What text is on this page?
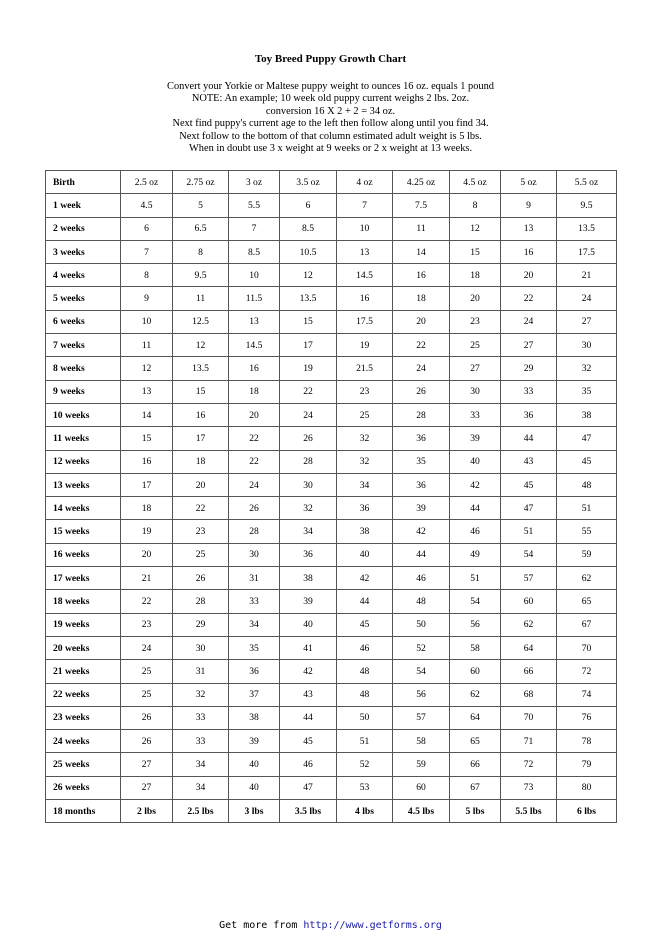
Toy Breed Puppy Growth Chart
Convert your Yorkie or Maltese puppy weight to ounces 16 oz. equals 1 pound
NOTE: An example; 10 week old puppy current weighs 2 lbs. 2oz.
conversion 16 X 2 + 2 = 34 oz.
Next find puppy's current age to the left then follow along until you find 34.
Next follow to the bottom of that column estimated adult weight is 5 lbs.
When in doubt use 3 x weight at 9 weeks or 2 x weight at 13 weeks.
Birth	2.5 oz	2.75 oz	3 oz	3.5 oz	4 oz	4.25 oz	4.5 oz	5 oz	5.5 oz
1 week	4.5	5	5.5	6	7	7.5	8	9	9.5
2 weeks	6	6.5	7	8.5	10	11	12	13	13.5
3 weeks	7	8	8.5	10.5	13	14	15	16	17.5
4 weeks	8	9.5	10	12	14.5	16	18	20	21
5 weeks	9	11	11.5	13.5	16	18	20	22	24
6 weeks	10	12.5	13	15	17.5	20	23	24	27
7 weeks	11	12	14.5	17	19	22	25	27	30
8 weeks	12	13.5	16	19	21.5	24	27	29	32
9 weeks	13	15	18	22	23	26	30	33	35
10 weeks	14	16	20	24	25	28	33	36	38
11 weeks	15	17	22	26	32	36	39	44	47
12 weeks	16	18	22	28	32	35	40	43	45
13 weeks	17	20	24	30	34	36	42	45	48
14 weeks	18	22	26	32	36	39	44	47	51
15 weeks	19	23	28	34	38	42	46	51	55
16 weeks	20	25	30	36	40	44	49	54	59
17 weeks	21	26	31	38	42	46	51	57	62
18 weeks	22	28	33	39	44	48	54	60	65
19 weeks	23	29	34	40	45	50	56	62	67
20 weeks	24	30	35	41	46	52	58	64	70
21 weeks	25	31	36	42	48	54	60	66	72
22 weeks	25	32	37	43	48	56	62	68	74
23 weeks	26	33	38	44	50	57	64	70	76
24 weeks	26	33	39	45	51	58	65	71	78
25 weeks	27	34	40	46	52	59	66	72	79
26 weeks	27	34	40	47	53	60	67	73	80
18 months	2 lbs	2.5 lbs	3 lbs	3.5 lbs	4 lbs	4.5 lbs	5 lbs	5.5 lbs	6 lbs
Get more from http://www.getforms.org
